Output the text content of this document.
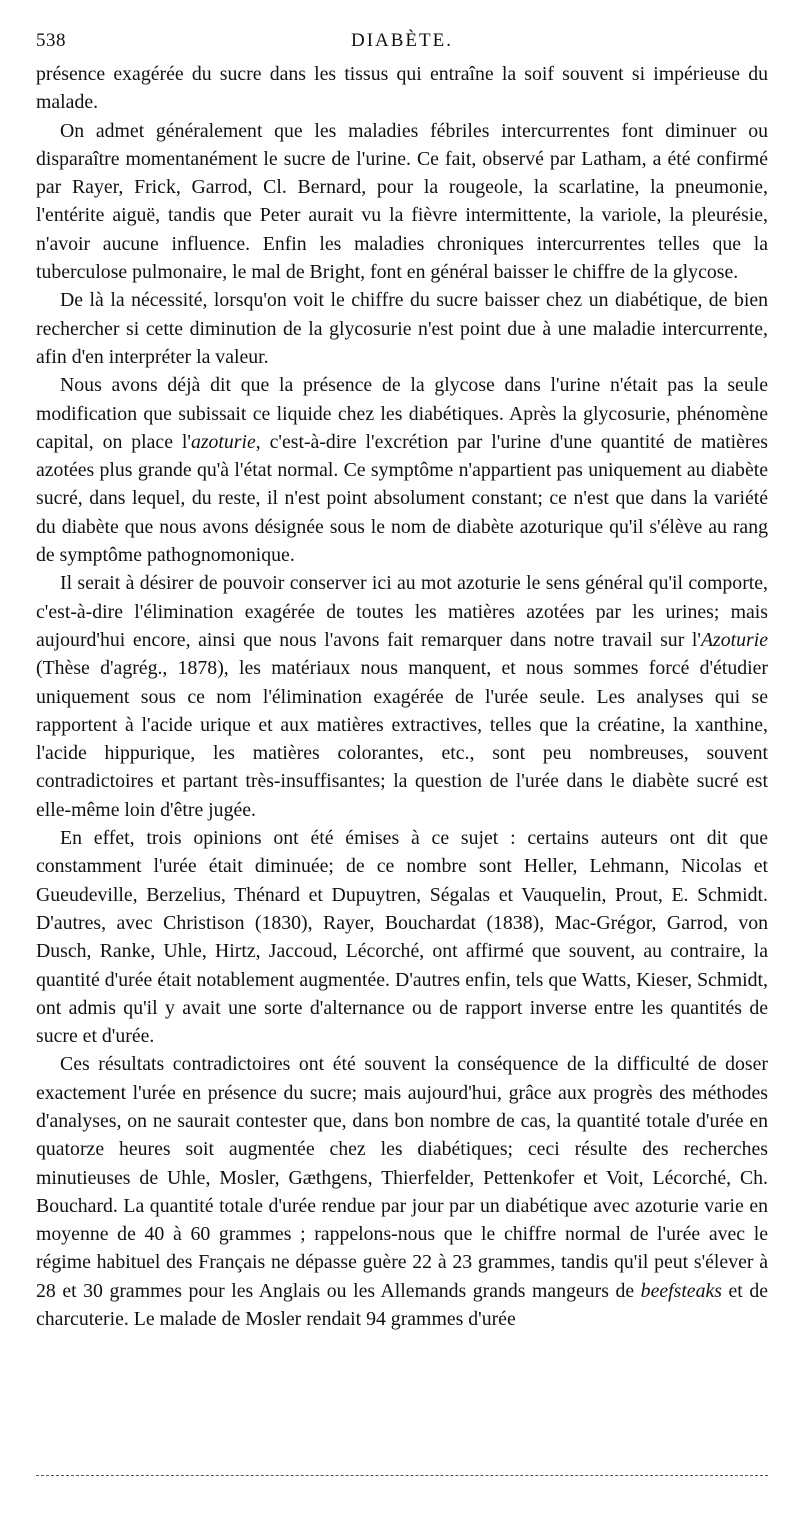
538	DIABÈTE.

présence exagérée du sucre dans les tissus qui entraîne la soif souvent si impérieuse du malade.

On admet généralement que les maladies fébriles intercurrentes font diminuer ou disparaître momentanément le sucre de l'urine. Ce fait, observé par Latham, a été confirmé par Rayer, Frick, Garrod, Cl. Bernard, pour la rougeole, la scarlatine, la pneumonie, l'entérite aiguë, tandis que Peter aurait vu la fièvre intermittente, la variole, la pleurésie, n'avoir aucune influence. Enfin les maladies chroniques intercurrentes telles que la tuberculose pulmonaire, le mal de Bright, font en général baisser le chiffre de la glycose.

De là la nécessité, lorsqu'on voit le chiffre du sucre baisser chez un diabétique, de bien rechercher si cette diminution de la glycosurie n'est point due à une maladie intercurrente, afin d'en interpréter la valeur.

Nous avons déjà dit que la présence de la glycose dans l'urine n'était pas la seule modification que subissait ce liquide chez les diabétiques. Après la glycosurie, phénomène capital, on place l'azoturie, c'est-à-dire l'excrétion par l'urine d'une quantité de matières azotées plus grande qu'à l'état normal. Ce symptôme n'appartient pas uniquement au diabète sucré, dans lequel, du reste, il n'est point absolument constant; ce n'est que dans la variété du diabète que nous avons désignée sous le nom de diabète azoturique qu'il s'élève au rang de symptôme pathognomonique.

Il serait à désirer de pouvoir conserver ici au mot azoturie le sens général qu'il comporte, c'est-à-dire l'élimination exagérée de toutes les matières azotées par les urines; mais aujourd'hui encore, ainsi que nous l'avons fait remarquer dans notre travail sur l'Azoturie (Thèse d'agrég., 1878), les matériaux nous manquent, et nous sommes forcé d'étudier uniquement sous ce nom l'élimination exagérée de l'urée seule. Les analyses qui se rapportent à l'acide urique et aux matières extractives, telles que la créatine, la xanthine, l'acide hippurique, les matières colorantes, etc., sont peu nombreuses, souvent contradictoires et partant très-insuffisantes; la question de l'urée dans le diabète sucré est elle-même loin d'être jugée.

En effet, trois opinions ont été émises à ce sujet : certains auteurs ont dit que constamment l'urée était diminuée; de ce nombre sont Heller, Lehmann, Nicolas et Gueudeville, Berzelius, Thénard et Dupuytren, Ségalas et Vauquelin, Prout, E. Schmidt. D'autres, avec Christison (1830), Rayer, Bouchardat (1838), Mac-Grégor, Garrod, von Dusch, Ranke, Uhle, Hirtz, Jaccoud, Lécorché, ont affirmé que souvent, au contraire, la quantité d'urée était notablement augmentée. D'autres enfin, tels que Watts, Kieser, Schmidt, ont admis qu'il y avait une sorte d'alternance ou de rapport inverse entre les quantités de sucre et d'urée.

Ces résultats contradictoires ont été souvent la conséquence de la difficulté de doser exactement l'urée en présence du sucre; mais aujourd'hui, grâce aux progrès des méthodes d'analyses, on ne saurait contester que, dans bon nombre de cas, la quantité totale d'urée en quatorze heures soit augmentée chez les diabétiques; ceci résulte des recherches minutieuses de Uhle, Mosler, Gæthgens, Thierfelder, Pettenkofer et Voit, Lécorché, Ch. Bouchard. La quantité totale d'urée rendue par jour par un diabétique avec azoturie varie en moyenne de 40 à 60 grammes ; rappelons-nous que le chiffre normal de l'urée avec le régime habituel des Français ne dépasse guère 22 à 23 grammes, tandis qu'il peut s'élever à 28 et 30 grammes pour les Anglais ou les Allemands grands mangeurs de beefsteaks et de charcuterie. Le malade de Mosler rendait 94 grammes d'urée
